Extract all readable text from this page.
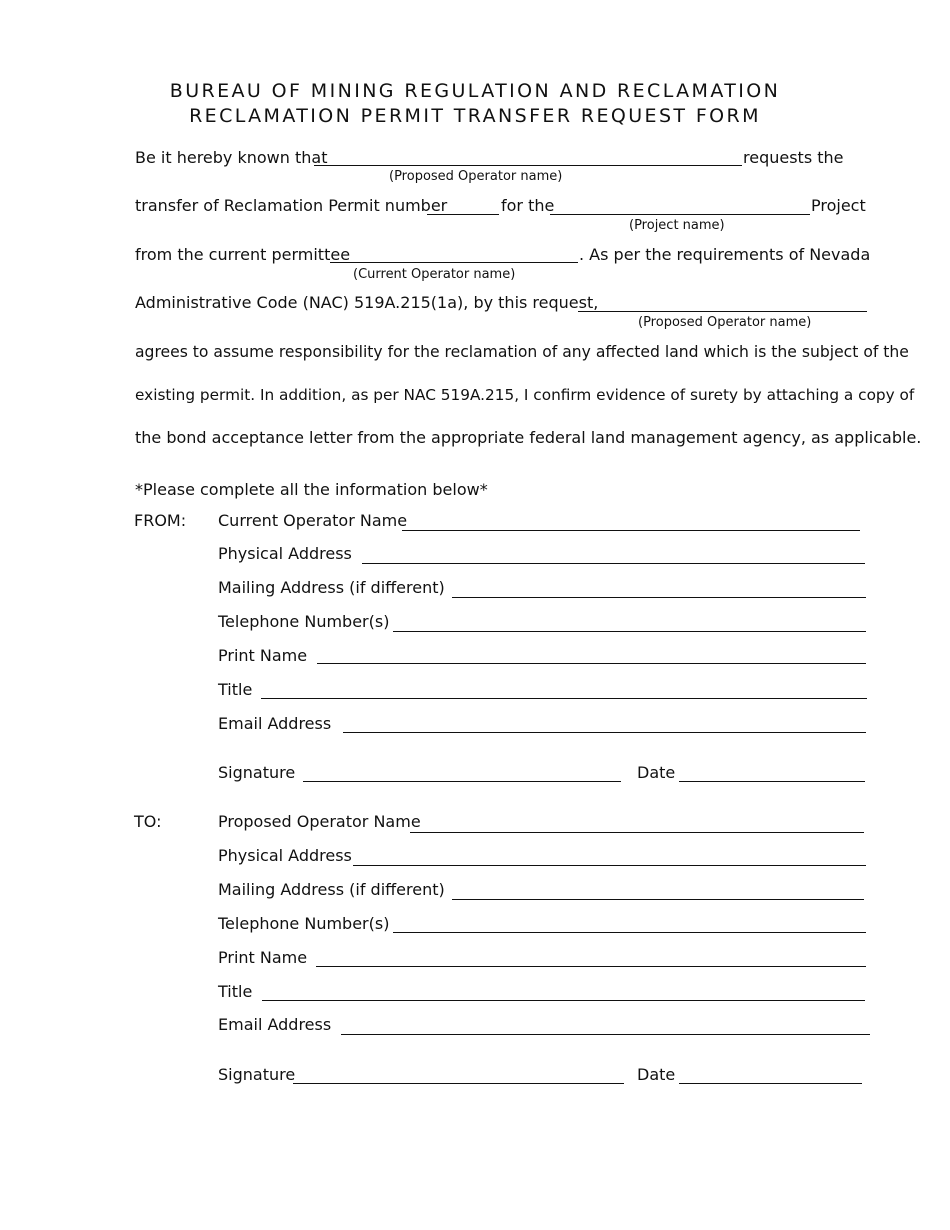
BUREAU OF MINING REGULATION AND RECLAMATION
RECLAMATION PERMIT TRANSFER REQUEST FORM
Be it hereby known that	requests the
(Proposed Operator name)
transfer of Reclamation Permit number	for the	Project
(Project name)
from the current permittee	. As per the requirements of Nevada
(Current Operator name)
Administrative Code (NAC) 519A.215(1a), by this request,
(Proposed Operator name)
agrees to assume responsibility for the reclamation of any affected land which is the subject of the
existing permit. In addition, as per NAC 519A.215, I confirm evidence of surety by attaching a copy of
the bond acceptance letter from the appropriate federal land management agency, as applicable.
*Please complete all the information below*
FROM: Current Operator Name
Physical Address
Mailing Address (if different)
Telephone Number(s)
Print Name
Title
Email Address
Signature	Date
TO:	Proposed Operator Name
Physical Address
Mailing Address (if different)
Telephone Number(s)
Print Name
Title
Email Address
Signature	Date
